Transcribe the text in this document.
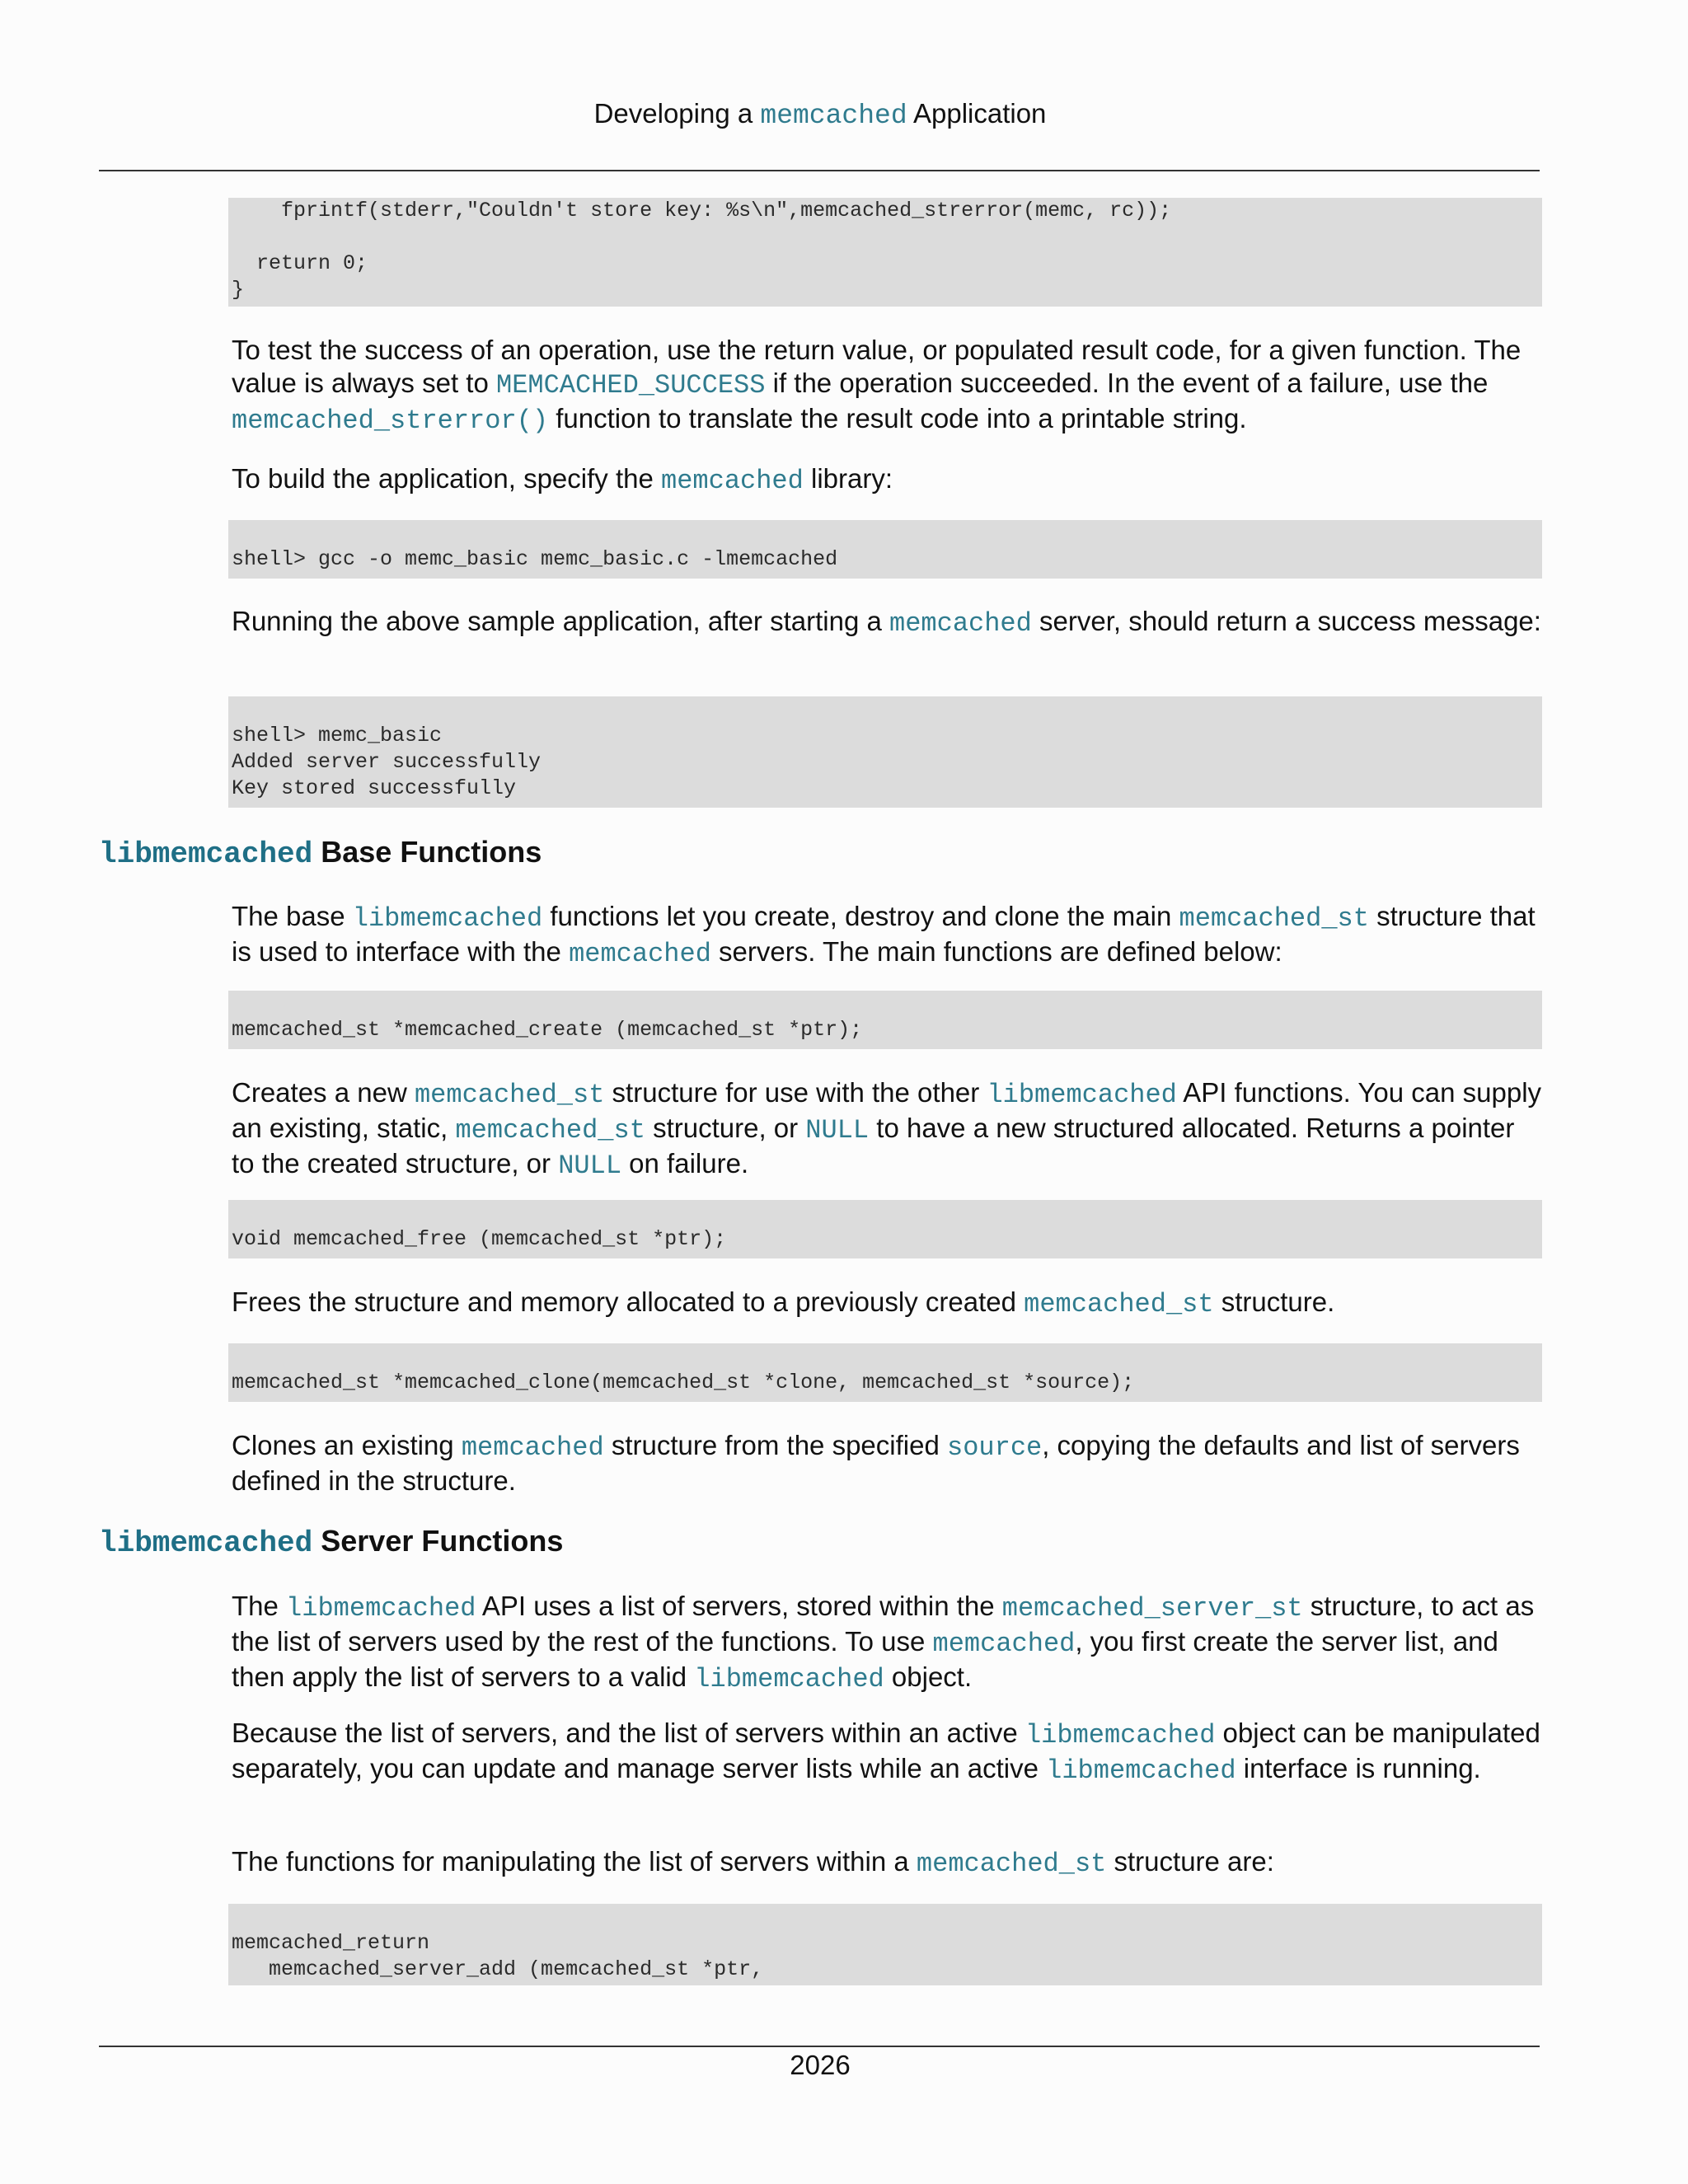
Developing a memcached Application
fprintf(stderr,"Couldn't store key: %s\n",memcached_strerror(memc, rc));
return 0;
}
To test the success of an operation, use the return value, or populated result code, for a given function. The value is always set to MEMCACHED_SUCCESS if the operation succeeded. In the event of a failure, use the memcached_strerror() function to translate the result code into a printable string.
To build the application, specify the memcached library:
shell> gcc -o memc_basic memc_basic.c -lmemcached
Running the above sample application, after starting a memcached server, should return a success message:
shell> memc_basic
Added server successfully
Key stored successfully
libmemcached Base Functions
The base libmemcached functions let you create, destroy and clone the main memcached_st structure that is used to interface with the memcached servers. The main functions are defined below:
memcached_st *memcached_create (memcached_st *ptr);
Creates a new memcached_st structure for use with the other libmemcached API functions. You can supply an existing, static, memcached_st structure, or NULL to have a new structured allocated. Returns a pointer to the created structure, or NULL on failure.
void memcached_free (memcached_st *ptr);
Frees the structure and memory allocated to a previously created memcached_st structure.
memcached_st *memcached_clone(memcached_st *clone, memcached_st *source);
Clones an existing memcached structure from the specified source, copying the defaults and list of servers defined in the structure.
libmemcached Server Functions
The libmemcached API uses a list of servers, stored within the memcached_server_st structure, to act as the list of servers used by the rest of the functions. To use memcached, you first create the server list, and then apply the list of servers to a valid libmemcached object.
Because the list of servers, and the list of servers within an active libmemcached object can be manipulated separately, you can update and manage server lists while an active libmemcached interface is running.
The functions for manipulating the list of servers within a memcached_st structure are:
memcached_return
memcached_server_add (memcached_st *ptr,
2026
